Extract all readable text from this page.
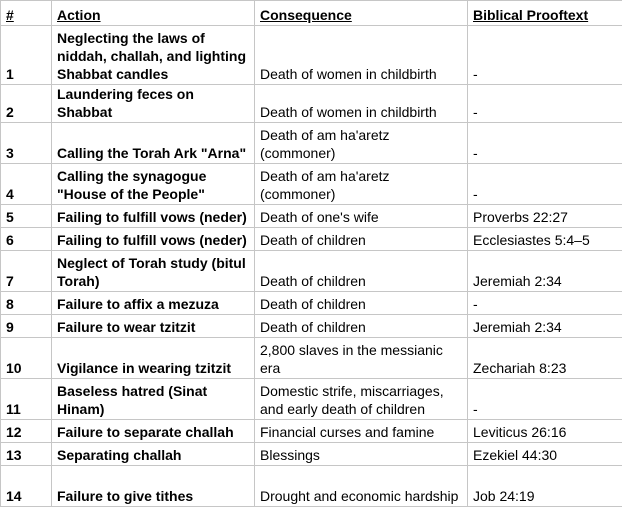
#	Action	Consequence	Biblical Prooftext
1	Neglecting the laws of niddah, challah, and lighting Shabbat candles	Death of women in childbirth	-
2	Laundering feces on Shabbat	Death of women in childbirth	-
3	Calling the Torah Ark "Arna"	Death of am ha'aretz (commoner)	-
4	Calling the synagogue "House of the People"	Death of am ha'aretz (commoner)	-
5	Failing to fulfill vows (neder)	Death of one's wife	Proverbs 22:27
6	Failing to fulfill vows (neder)	Death of children	Ecclesiastes 5:4–5
7	Neglect of Torah study (bitul Torah)	Death of children	Jeremiah 2:34
8	Failure to affix a mezuza	Death of children	-
9	Failure to wear tzitzit	Death of children	Jeremiah 2:34
10	Vigilance in wearing tzitzit	2,800 slaves in the messianic era	Zechariah 8:23
11	Baseless hatred (Sinat Hinam)	Domestic strife, miscarriages, and early death of children	-
12	Failure to separate challah	Financial curses and famine	Leviticus 26:16
13	Separating challah	Blessings	Ezekiel 44:30
14	Failure to give tithes	Drought and economic hardship	Job 24:19
